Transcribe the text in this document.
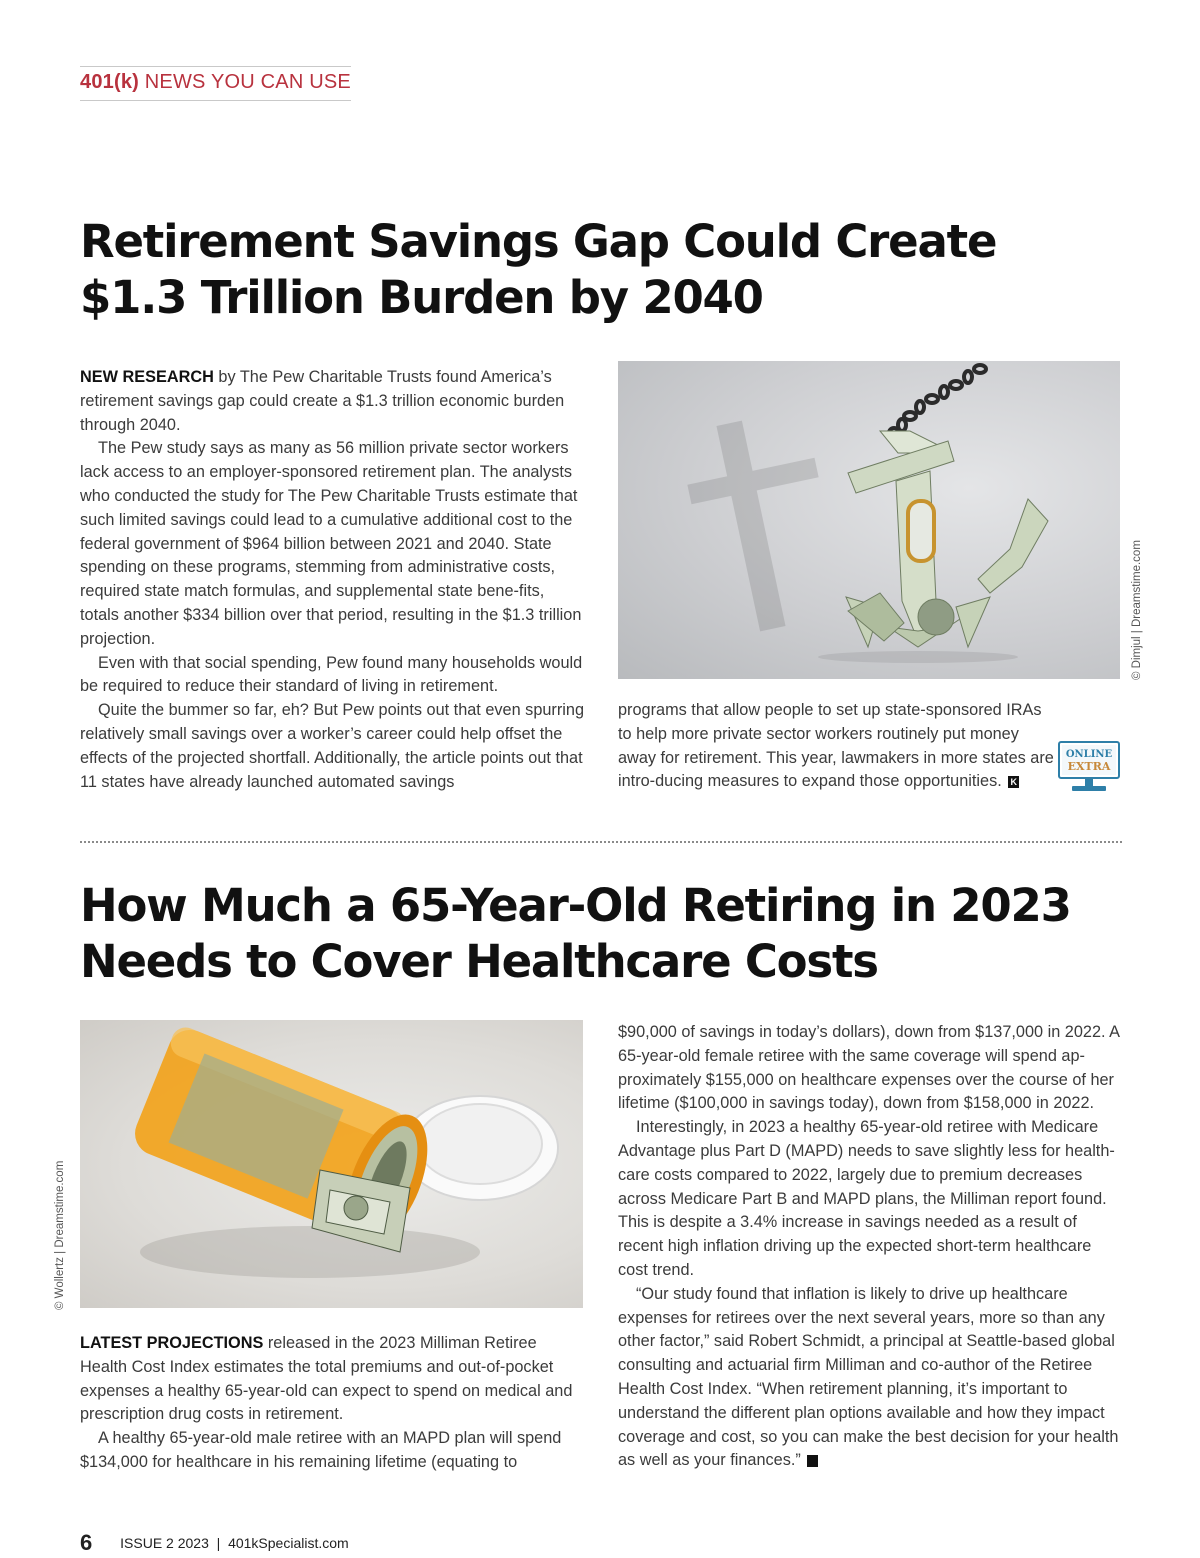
401(k) NEWS YOU CAN USE
Retirement Savings Gap Could Create
$1.3 Trillion Burden by 2040

NEW RESEARCH by The Pew Charitable Trusts found America’s retirement savings gap could create a $1.3 trillion economic burden through 2040.

The Pew study says as many as 56 million private sector workers lack access to an employer-sponsored retirement plan. The analysts who conducted the study for The Pew Charitable Trusts estimate that such limited savings could lead to a cumulative additional cost to the federal government of $964 billion between 2021 and 2040. State spending on these programs, stemming from administrative costs, required state match formulas, and supplemental state bene-fits, totals another $334 billion over that period, resulting in the $1.3 trillion projection.

Even with that social spending, Pew found many households would be required to reduce their standard of living in retirement.

Quite the bummer so far, eh? But Pew points out that even spurring relatively small savings over a worker’s career could help offset the effects of the projected shortfall. Additionally, the article points out that 11 states have already launched automated savings

© Dimjul | Dreamstime.com

programs that allow people to set up state-sponsored IRAs to help more private sector workers routinely put money away for retirement. This year, lawmakers in more states are intro-ducing measures to expand those opportunities. K

ONLINE
EXTRA
How Much a 65-Year-Old Retiring in 2023
Needs to Cover Healthcare Costs
© Wollertz | Dreamstime.com

LATEST PROJECTIONS released in the 2023 Milliman Retiree Health Cost Index estimates the total premiums and out-of-pocket expenses a healthy 65-year-old can expect to spend on medical and prescription drug costs in retirement.

A healthy 65-year-old male retiree with an MAPD plan will spend $134,000 for healthcare in his remaining lifetime (equating to

$90,000 of savings in today’s dollars), down from $137,000 in 2022. A 65-year-old female retiree with the same coverage will spend ap-proximately $155,000 on healthcare expenses over the course of her lifetime ($100,000 in savings today), down from $158,000 in 2022.

Interestingly, in 2023 a healthy 65-year-old retiree with Medicare Advantage plus Part D (MAPD) needs to save slightly less for health-care costs compared to 2022, largely due to premium decreases across Medicare Part B and MAPD plans, the Milliman report found. This is despite a 3.4% increase in savings needed as a result of recent high inflation driving up the expected short-term healthcare cost trend.

“Our study found that inflation is likely to drive up healthcare expenses for retirees over the next several years, more so than any other factor,” said Robert Schmidt, a principal at Seattle-based global consulting and actuarial firm Milliman and co-author of the Retiree Health Cost Index. “When retirement planning, it’s important to understand the different plan options available and how they impact coverage and cost, so you can make the best decision for your health as well as your finances.”	K

6 ISSUE 2 2023 | 401kSpecialist.com
